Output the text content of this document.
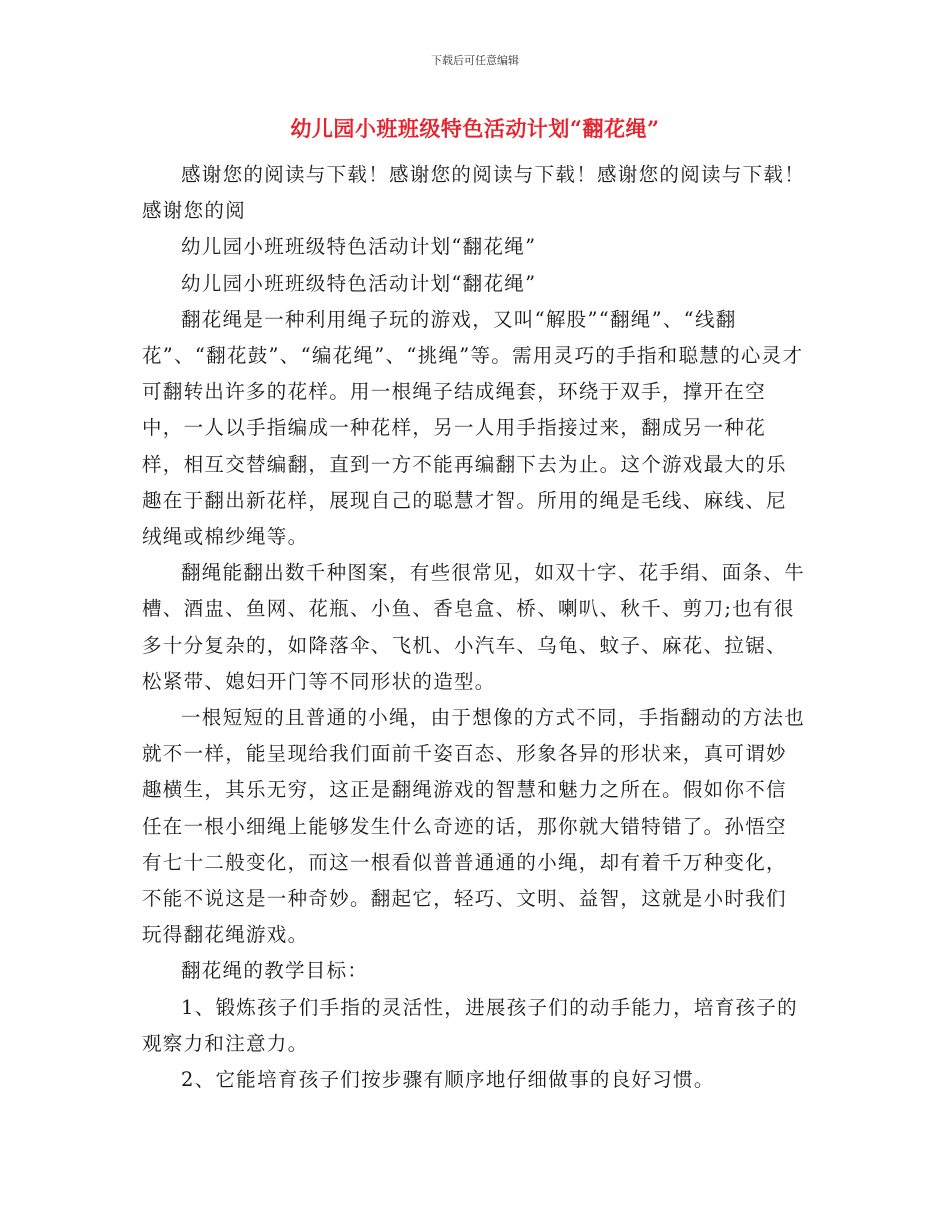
下载后可任意编辑
幼儿园小班班级特色活动计划“翻花绳”

感谢您的阅读与下载！感谢您的阅读与下载！感谢您的阅读与下载！感谢您的阅

幼儿园小班班级特色活动计划“翻花绳”

幼儿园小班班级特色活动计划“翻花绳”

翻花绳是一种利用绳子玩的游戏，又叫“解股”“翻绳”、“线翻花”、“翻花鼓”、“编花绳”、“挑绳”等。需用灵巧的手指和聪慧的心灵才可翻转出许多的花样。用一根绳子结成绳套，环绕于双手，撑开在空中，一人以手指编成一种花样，另一人用手指接过来，翻成另一种花样，相互交替编翻，直到一方不能再编翻下去为止。这个游戏最大的乐趣在于翻出新花样，展现自己的聪慧才智。所用的绳是毛线、麻线、尼绒绳或棉纱绳等。

翻绳能翻出数千种图案，有些很常见，如双十字、花手绢、面条、牛槽、酒盅、鱼网、花瓶、小鱼、香皂盒、桥、喇叭、秋千、剪刀;也有很多十分复杂的，如降落伞、飞机、小汽车、乌龟、蚊子、麻花、拉锯、松紧带、媳妇开门等不同形状的造型。

一根短短的且普通的小绳，由于想像的方式不同，手指翻动的方法也就不一样，能呈现给我们面前千姿百态、形象各异的形状来，真可谓妙趣横生，其乐无穷，这正是翻绳游戏的智慧和魅力之所在。假如你不信任在一根小细绳上能够发生什么奇迹的话，那你就大错特错了。孙悟空有七十二般变化，而这一根看似普普通通的小绳，却有着千万种变化，不能不说这是一种奇妙。翻起它，轻巧、文明、益智，这就是小时我们玩得翻花绳游戏。

翻花绳的教学目标：

1、锻炼孩子们手指的灵活性，进展孩子们的动手能力，培育孩子的观察力和注意力。

2、它能培育孩子们按步骤有顺序地仔细做事的良好习惯。
